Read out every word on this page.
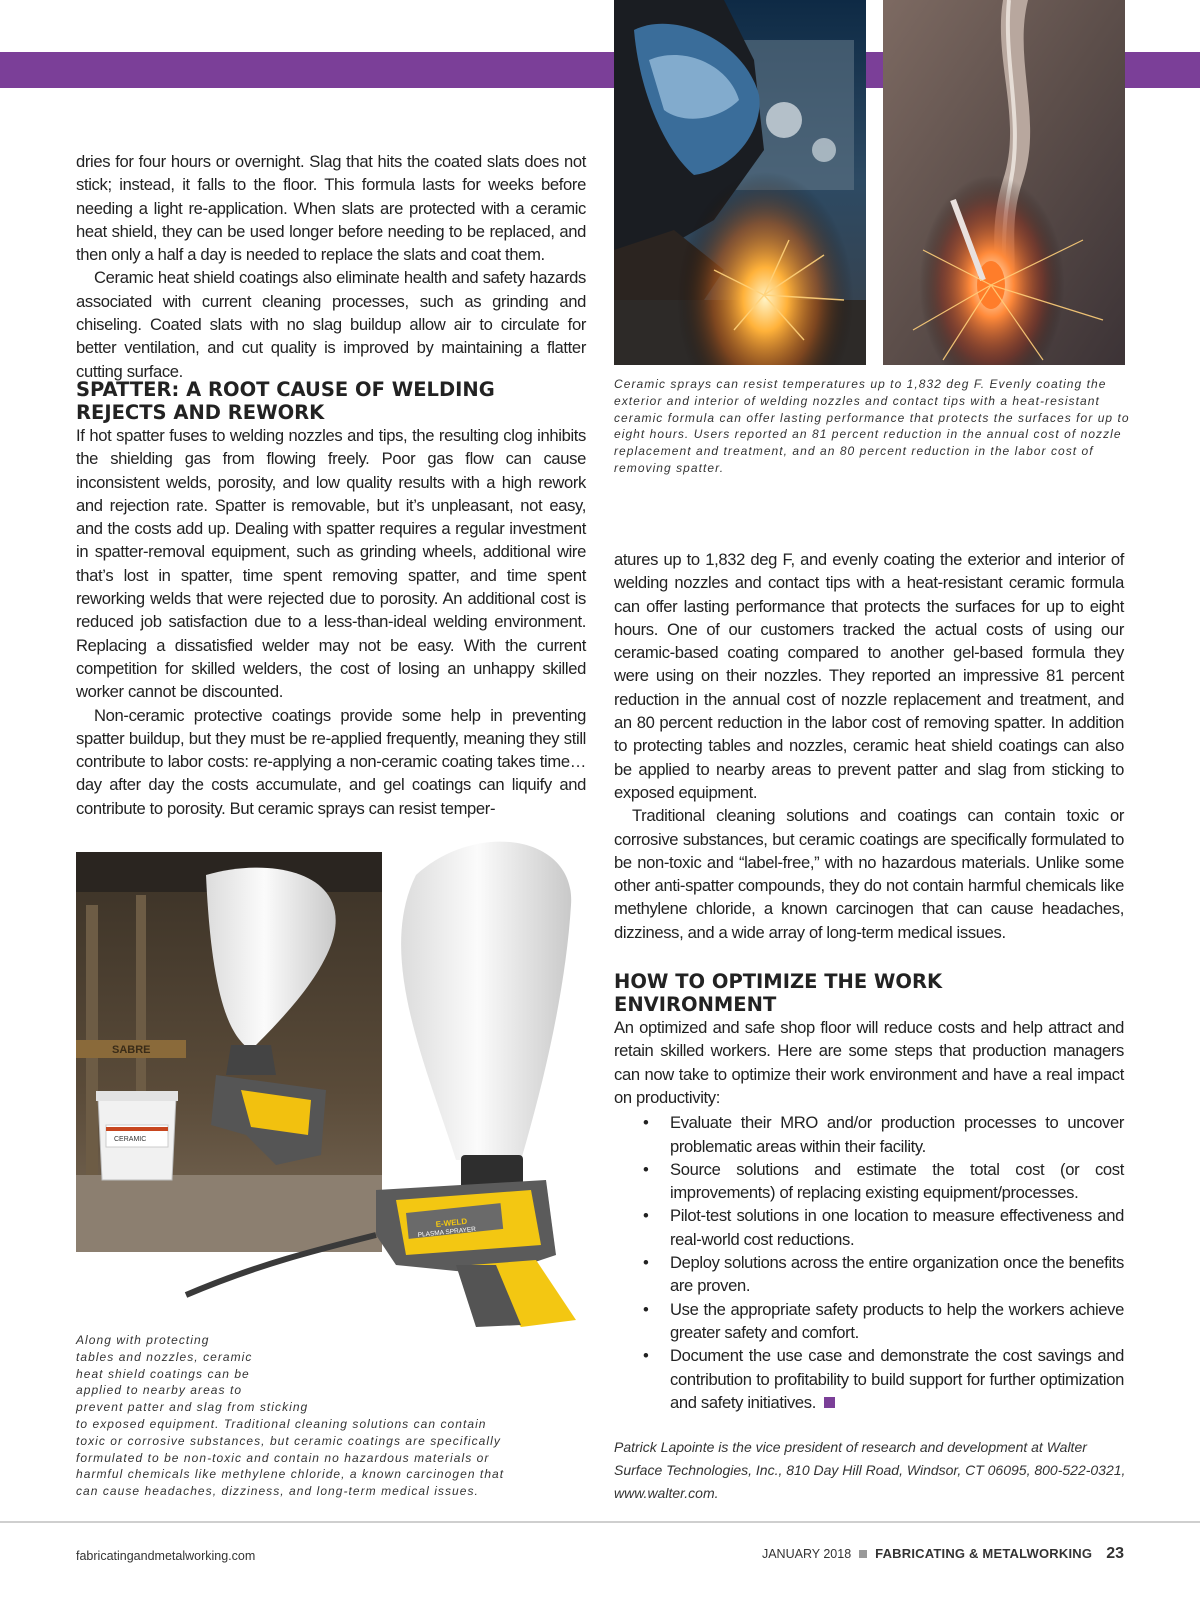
dries for four hours or overnight. Slag that hits the coated slats does not stick; instead, it falls to the floor. This formula lasts for weeks before needing a light re-application. When slats are protected with a ceramic heat shield, they can be used longer before needing to be replaced, and then only a half a day is needed to replace the slats and coat them.

Ceramic heat shield coatings also eliminate health and safety hazards associated with current cleaning processes, such as grinding and chiseling. Coated slats with no slag buildup allow air to circulate for better ventilation, and cut quality is improved by maintaining a flatter cutting surface.

Ceramic sprays can resist temperatures up to 1,832 deg F. Evenly coating the exterior and interior of welding nozzles and contact tips with a heat-resistant ceramic formula can offer lasting performance that protects the surfaces for up to eight hours. Users reported an 81 percent reduction in the annual cost of nozzle replacement and treatment, and an 80 percent reduction in the labor cost of removing spatter.
SPATTER: A ROOT CAUSE OF WELDING
REJECTS AND REWORK

If hot spatter fuses to welding nozzles and tips, the resulting clog inhibits the shielding gas from flowing freely. Poor gas flow can cause inconsistent welds, porosity, and low quality results with a high rework and rejection rate. Spatter is removable, but it’s unpleasant, not easy, and the costs add up. Dealing with spatter requires a regular investment in spatter-removal equipment, such as grinding wheels, additional wire that’s lost in spatter, time spent removing spatter, and time spent reworking welds that were rejected due to porosity. An additional cost is reduced job satisfaction due to a less-than-ideal welding environment. Replacing a dissatisfied welder may not be easy. With the current competition for skilled welders, the cost of losing an unhappy skilled worker cannot be discounted.

Non-ceramic protective coatings provide some help in preventing spatter buildup, but they must be re-applied frequently, meaning they still contribute to labor costs: re-applying a non-ceramic coating takes time… day after day the costs accumulate, and gel coatings can liquify and contribute to porosity. But ceramic sprays can resist temper-

SABRE
CERAMIC
E-WELD
PLASMA SPRAYER
Along with protecting
tables and nozzles, ceramic
heat shield coatings can be
applied to nearby areas to
prevent patter and slag from sticking
to exposed equipment. Traditional cleaning solutions can contain
toxic or corrosive substances, but ceramic coatings are specifically
formulated to be non-toxic and contain no hazardous materials or
harmful chemicals like methylene chloride, a known carcinogen that
can cause headaches, dizziness, and long-term medical issues.

atures up to 1,832 deg F, and evenly coating the exterior and interior of welding nozzles and contact tips with a heat-resistant ceramic formula can offer lasting performance that protects the surfaces for up to eight hours. One of our customers tracked the actual costs of using our ceramic-based coating compared to another gel-based formula they were using on their nozzles. They reported an impressive 81 percent reduction in the annual cost of nozzle replacement and treatment, and an 80 percent reduction in the labor cost of removing spatter. In addition to protecting tables and nozzles, ceramic heat shield coatings can also be applied to nearby areas to prevent patter and slag from sticking to exposed equipment.

Traditional cleaning solutions and coatings can contain toxic or corrosive substances, but ceramic coatings are specifically formulated to be non-toxic and “label-free,” with no hazardous materials. Unlike some other anti-spatter compounds, they do not contain harmful chemicals like methylene chloride, a known carcinogen that can cause headaches, dizziness, and a wide array of long-term medical issues.

HOW TO OPTIMIZE THE WORK
ENVIRONMENT

An optimized and safe shop floor will reduce costs and help attract and retain skilled workers. Here are some steps that production managers can now take to optimize their work environment and have a real impact on productivity:

• Evaluate their MRO and/or production processes to uncover problematic areas within their facility.
• Source solutions and estimate the total cost (or cost improvements) of replacing existing equipment/processes.
• Pilot-test solutions in one location to measure effectiveness and real-world cost reductions.
• Deploy solutions across the entire organization once the benefits are proven.
• Use the appropriate safety products to help the workers achieve greater safety and comfort.
• Document the use case and demonstrate the cost savings and contribution to profitability to build support for further optimization and safety initiatives.
Patrick Lapointe is the vice president of research and development at Walter Surface Technologies, Inc., 810 Day Hill Road, Windsor, CT 06095, 800-522-0321, www.walter.com.
fabricatingandmetalworking.com	JANUARY 2018 FABRICATING & METALWORKING 23
